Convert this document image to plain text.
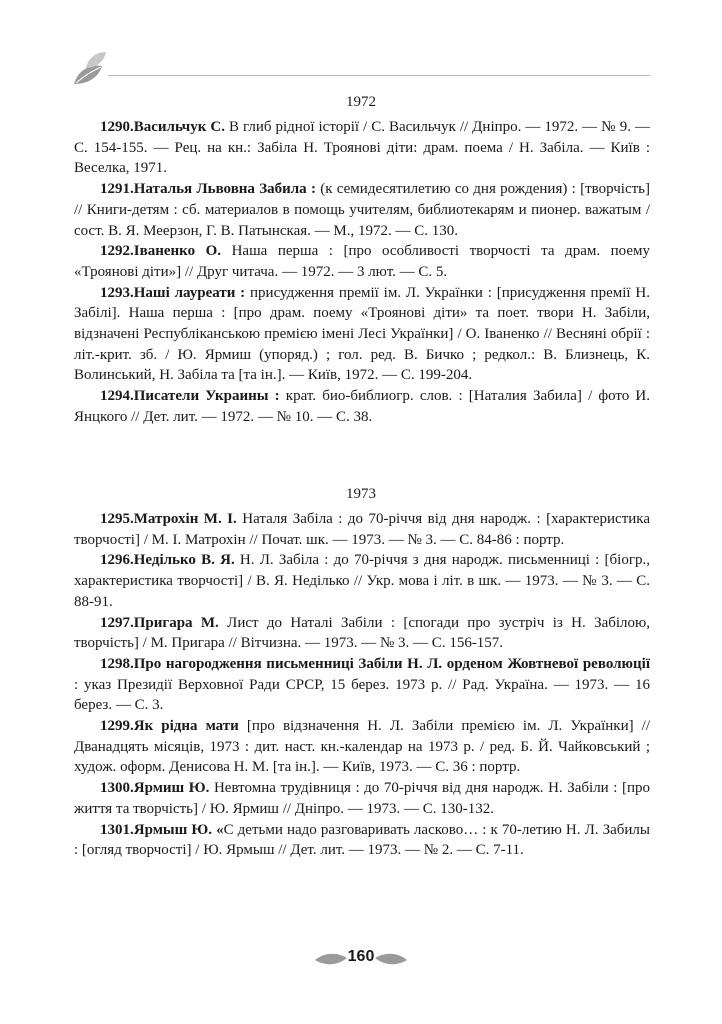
1972

1290.Васильчук С. В глиб рідної історії / С. Васильчук // Дніпро. — 1972. — № 9. — С. 154-155. — Рец. на кн.: Забіла Н. Троянові діти: драм. поема / Н. Забіла. — Київ : Веселка, 1971.

1291.Наталья Львовна Забила : (к семидесятилетию со дня рождения) : [творчість] // Книги-детям : сб. материалов в помощь учителям, библиотекарям и пионер. важатым / сост. В. Я. Меерзон, Г. В. Патынская. — М., 1972. — С. 130.

1292.Іваненко О. Наша перша : [про особливості творчості та драм. поему «Троянові діти»] // Друг читача. — 1972. — 3 лют. — С. 5.

1293.Наші лауреати : присудження премії ім. Л. Українки : [присудження премії Н. Забілі]. Наша перша : [про драм. поему «Троянові діти» та поет. твори Н. Забіли, відзначені Республіканською премією імені Лесі Українки] / О. Іваненко // Весняні обрії : літ.-крит. зб. / Ю. Ярмиш (упоряд.) ; гол. ред. В. Бичко ; редкол.: В. Близнець, К. Волинський, Н. Забіла та [та ін.]. — Київ, 1972. — С. 199-204.

1294.Писатели Украины : крат. био-библиогр. слов. : [Наталия Забила] / фото И. Янцкого // Дет. лит. — 1972. — № 10. — С. 38.

1973

1295.Матрохін М. І. Наталя Забіла : до 70-річчя від дня народж. : [характеристика творчості] / М. І. Матрохін // Почат. шк. — 1973. — № 3. — С. 84-86 : портр.

1296.Неділько В. Я. Н. Л. Забіла : до 70-річчя з дня народж. письменниці : [біогр., характеристика творчості] / В. Я. Неділько // Укр. мова і літ. в шк. — 1973. — № 3. — С. 88-91.

1297.Пригара М. Лист до Наталі Забіли : [спогади про зустріч із Н. Забілою, творчість] / М. Пригара // Вітчизна. — 1973. — № 3. — С. 156-157.

1298.Про нагородження письменниці Забіли Н. Л. орденом Жовтневої революції : указ Президії Верховної Ради СРСР, 15 берез. 1973 р. // Рад. Україна. — 1973. — 16 берез. — С. 3.

1299.Як рідна мати [про відзначення Н. Л. Забіли премією ім. Л. Українки] // Дванадцять місяців, 1973 : дит. наст. кн.-календар на 1973 р. / ред. Б. Й. Чайковський ; худож. оформ. Денисова Н. М. [та ін.]. — Київ, 1973. — С. 36 : портр.

1300.Ярмиш Ю. Невтомна трудівниця : до 70-річчя від дня народж. Н. Забіли : [про життя та творчість] / Ю. Ярмиш // Дніпро. — 1973. — С. 130-132.

1301.Ярмыш Ю. «С детьми надо разговаривать ласково… : к 70-летию Н. Л. Забилы : [огляд творчості] / Ю. Ярмыш // Дет. лит. — 1973. — № 2. — С. 7-11.

160
